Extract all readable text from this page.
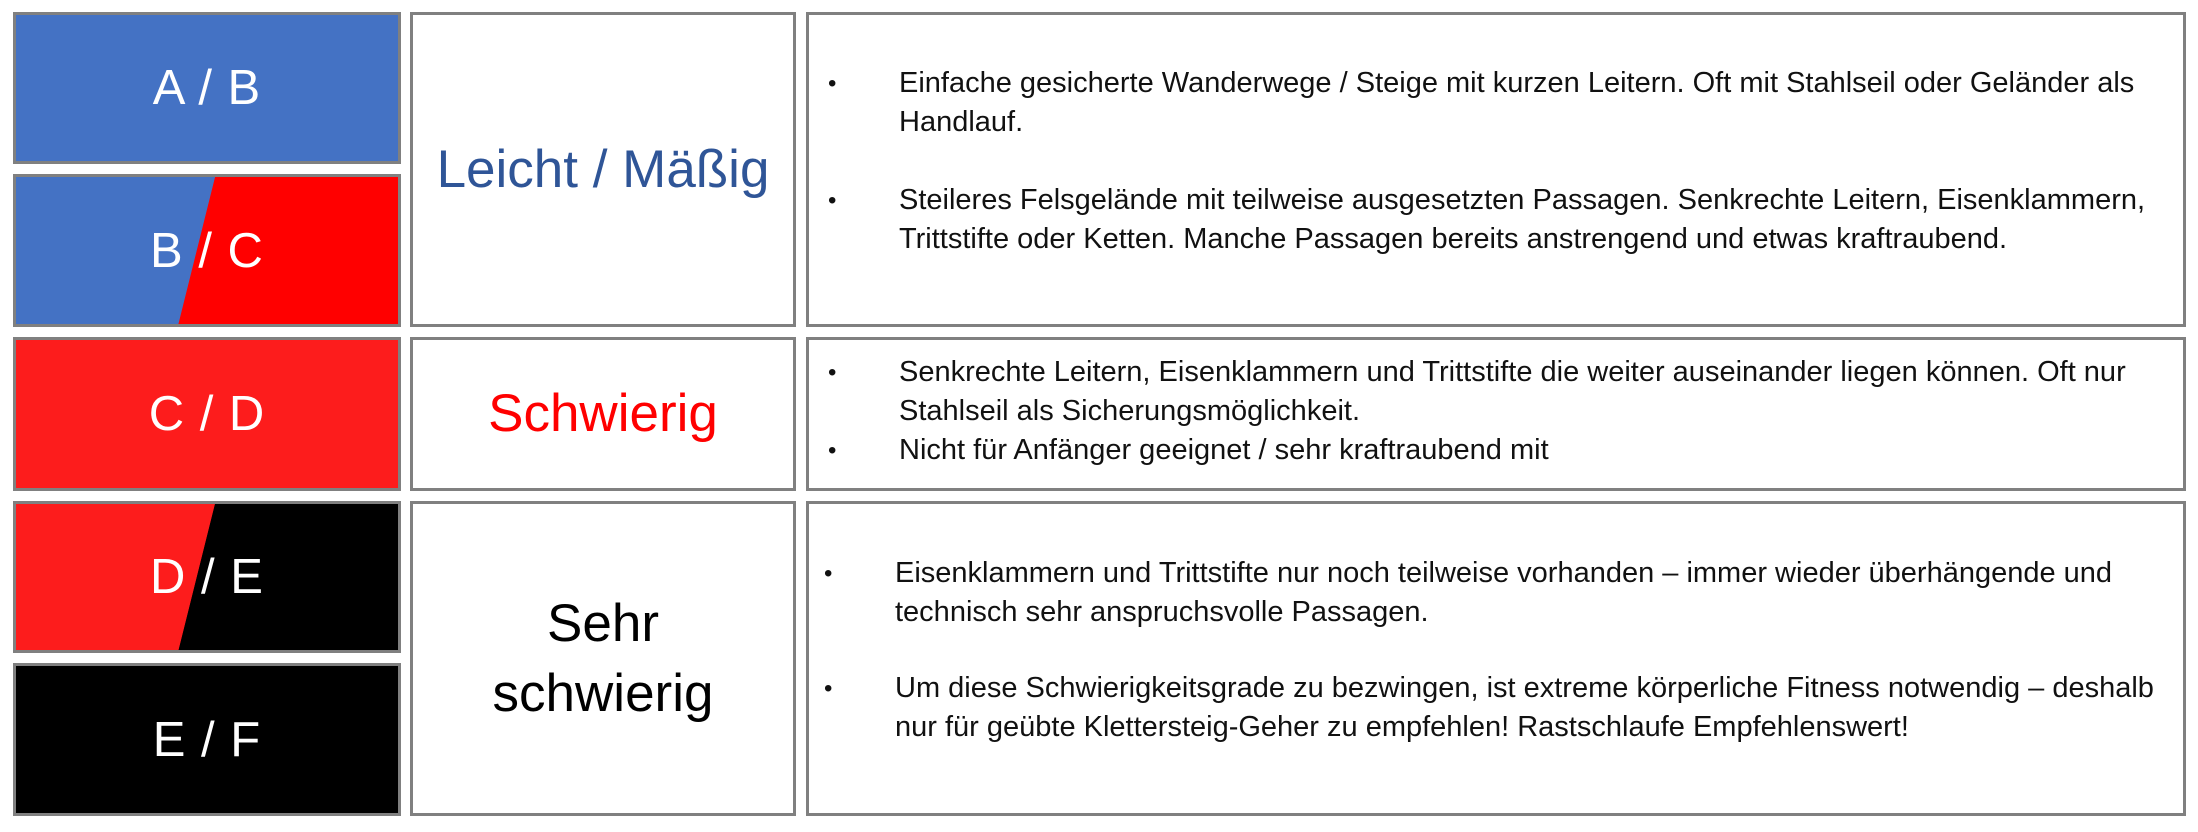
A / B
B / C
C / D
D / E
E / F
Leicht / Mäßig
Schwierig
Sehr
schwierig
• Einfache gesicherte Wanderwege / Steige mit kurzen Leitern. Oft mit Stahlseil oder Geländer als Handlauf.
• Steileres Felsgelände mit teilweise ausgesetzten Passagen. Senkrechte Leitern, Eisenklammern, Trittstifte oder Ketten. Manche Passagen bereits anstrengend und etwas kraftraubend.
• Senkrechte Leitern, Eisenklammern und Trittstifte die weiter auseinander liegen können. Oft nur Stahlseil als Sicherungsmöglichkeit.
• Nicht für Anfänger geeignet / sehr kraftraubend mit
• Eisenklammern und Trittstifte nur noch teilweise vorhanden – immer wieder überhängende und technisch sehr anspruchsvolle Passagen.
• Um diese Schwierigkeitsgrade zu bezwingen, ist extreme körperliche Fitness notwendig – deshalb nur für geübte Klettersteig-Geher zu empfehlen! Rastschlaufe Empfehlenswert!
